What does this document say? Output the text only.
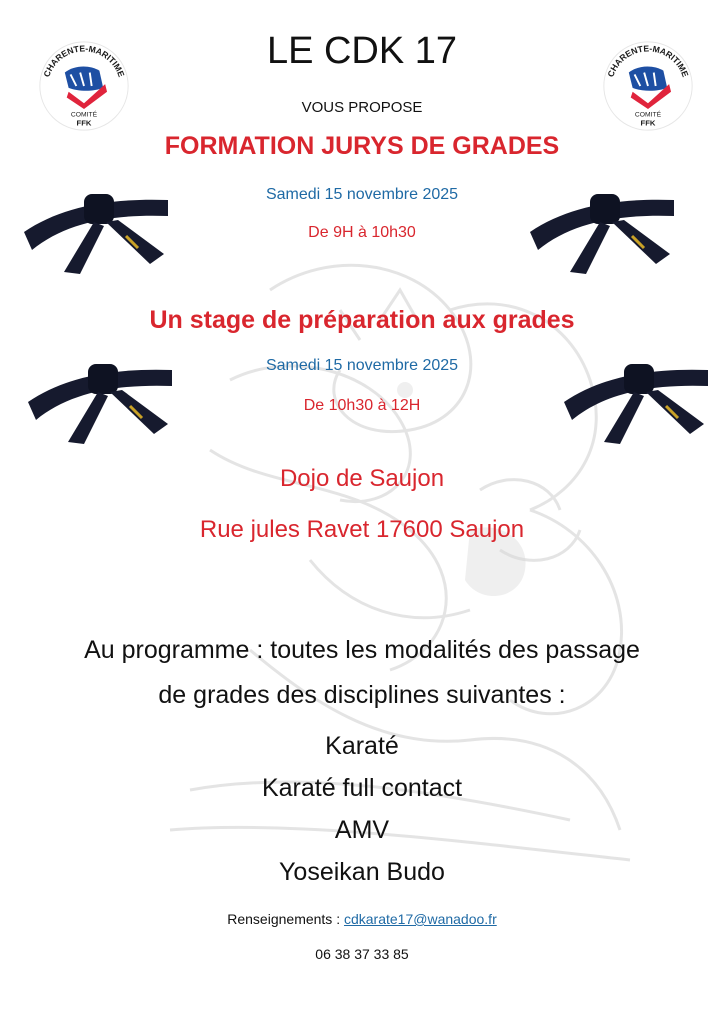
CHARENTE-MARITIME
COMITÉ
FFK
CHARENTE-MARITIME
COMITÉ
FFK
LE CDK 17
VOUS PROPOSE
FORMATION JURYS DE GRADES
Samedi 15 novembre 2025
De 9H à 10h30
Un stage de préparation aux grades
Samedi 15 novembre 2025
De 10h30 à 12H
Dojo de Saujon
Rue jules Ravet 17600 Saujon
Au programme : toutes les modalités des passage
de grades des disciplines suivantes :
Karaté
Karaté full contact
AMV
Yoseikan Budo
Renseignements : cdkarate17@wanadoo.fr
06 38 37 33 85
